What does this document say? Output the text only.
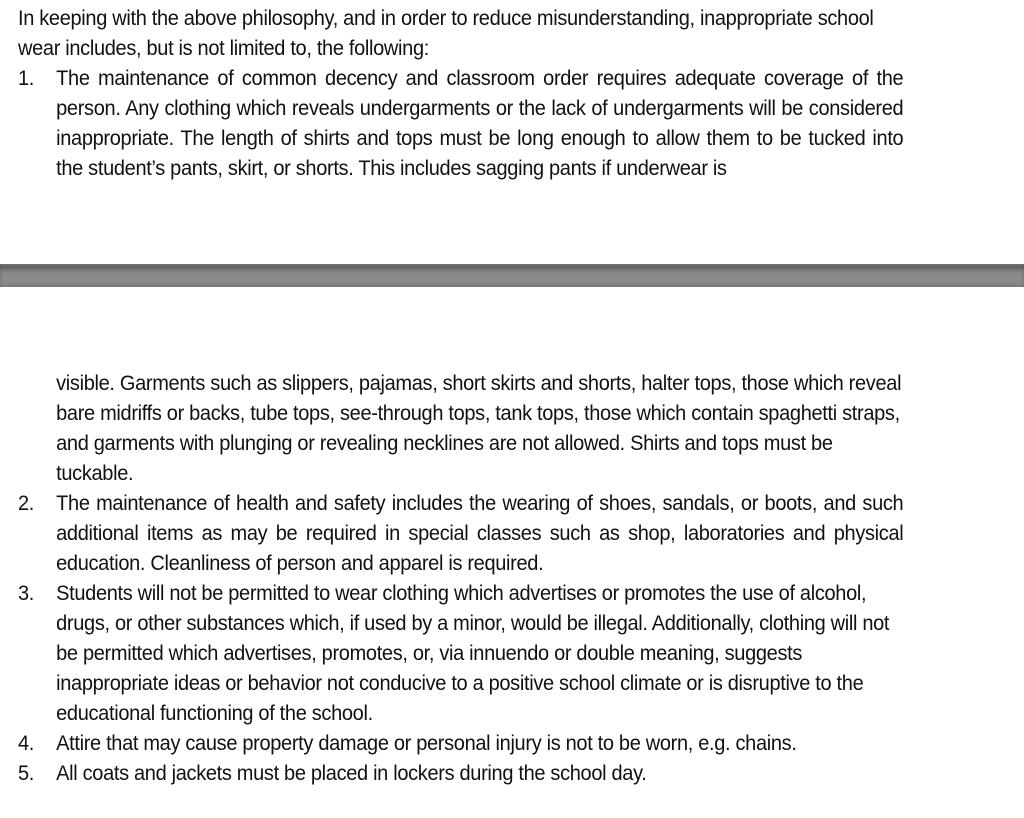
In keeping with the above philosophy, and in order to reduce misunderstanding, inappropriate school wear includes, but is not limited to, the following:

1. The maintenance of common decency and classroom order requires adequate coverage of the person. Any clothing which reveals undergarments or the lack of undergarments will be considered inappropriate. The length of shirts and tops must be long enough to allow them to be tucked into the student’s pants, skirt, or shorts. This includes sagging pants if underwear is
visible. Garments such as slippers, pajamas, short skirts and shorts, halter tops, those which reveal bare midriffs or backs, tube tops, see-through tops, tank tops, those which contain spaghetti straps, and garments with plunging or revealing necklines are not allowed. Shirts and tops must be tuckable.
2. The maintenance of health and safety includes the wearing of shoes, sandals, or boots, and such additional items as may be required in special classes such as shop, laboratories and physical education. Cleanliness of person and apparel is required.
3. Students will not be permitted to wear clothing which advertises or promotes the use of alcohol, drugs, or other substances which, if used by a minor, would be illegal. Additionally, clothing will not be permitted which advertises, promotes, or, via innuendo or double meaning, suggests inappropriate ideas or behavior not conducive to a positive school climate or is disruptive to the educational functioning of the school.
4. Attire that may cause property damage or personal injury is not to be worn, e.g. chains.
5. All coats and jackets must be placed in lockers during the school day.
